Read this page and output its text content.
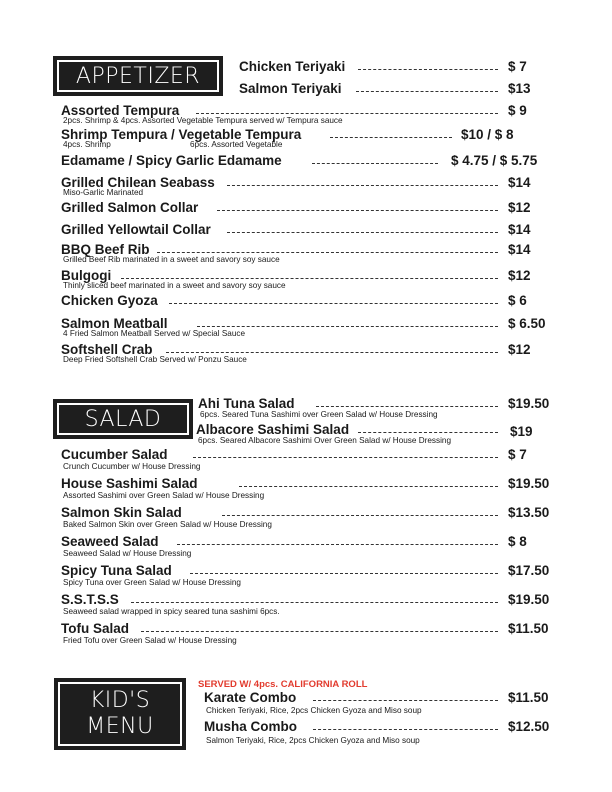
APPETIZER
SALAD
KID'S
MENU
Chicken Teriyaki	$ 7
Salmon Teriyaki	$13
Assorted Tempura	$ 9
2pcs. Shrimp & 4pcs. Assorted Vegetable Tempura served w/ Tempura sauce
Shrimp Tempura / Vegetable Tempura	$10 / $ 8
4pcs. Shrimp	6pcs. Assorted Vegetable
Edamame / Spicy Garlic Edamame	$ 4.75 / $ 5.75
Grilled Chilean Seabass	$14
Miso-Garlic Marinated
Grilled Salmon Collar	$12
Grilled Yellowtail Collar	$14
BBQ Beef Rib	$14
Grilled Beef Rib marinated in a sweet and savory soy sauce
Bulgogi	$12
Thinly sliced beef marinated in a sweet and savory soy sauce
Chicken Gyoza	$ 6
Salmon Meatball	$ 6.50
4 Fried Salmon Meatball Served w/ Special Sauce
Softshell Crab	$12
Deep Fried Softshell Crab Served w/ Ponzu Sauce
Ahi Tuna Salad	$19.50
6pcs. Seared Tuna Sashimi over Green Salad w/ House Dressing
Albacore Sashimi Salad	$19
6pcs. Seared Albacore Sashimi Over Green Salad w/ House Dressing
Cucumber Salad	$ 7
Crunch Cucumber w/ House Dressing
House Sashimi Salad	$19.50
Assorted Sashimi over Green Salad w/ House Dressing
Salmon Skin Salad	$13.50
Baked Salmon Skin over Green Salad w/ House Dressing
Seaweed Salad	$ 8
Seaweed Salad w/ House Dressing
Spicy Tuna Salad	$17.50
Spicy Tuna over Green Salad w/ House Dressing
S.S.T.S.S	$19.50
Seaweed salad wrapped in spicy seared tuna sashimi 6pcs.
Tofu Salad	$11.50
Fried Tofu over Green Salad w/ House Dressing
Karate Combo	$11.50
Chicken Teriyaki, Rice, 2pcs Chicken Gyoza and Miso soup
Musha Combo	$12.50
Salmon Teriyaki, Rice, 2pcs Chicken Gyoza and Miso soup
SERVED W/ 4pcs. CALIFORNIA ROLL
